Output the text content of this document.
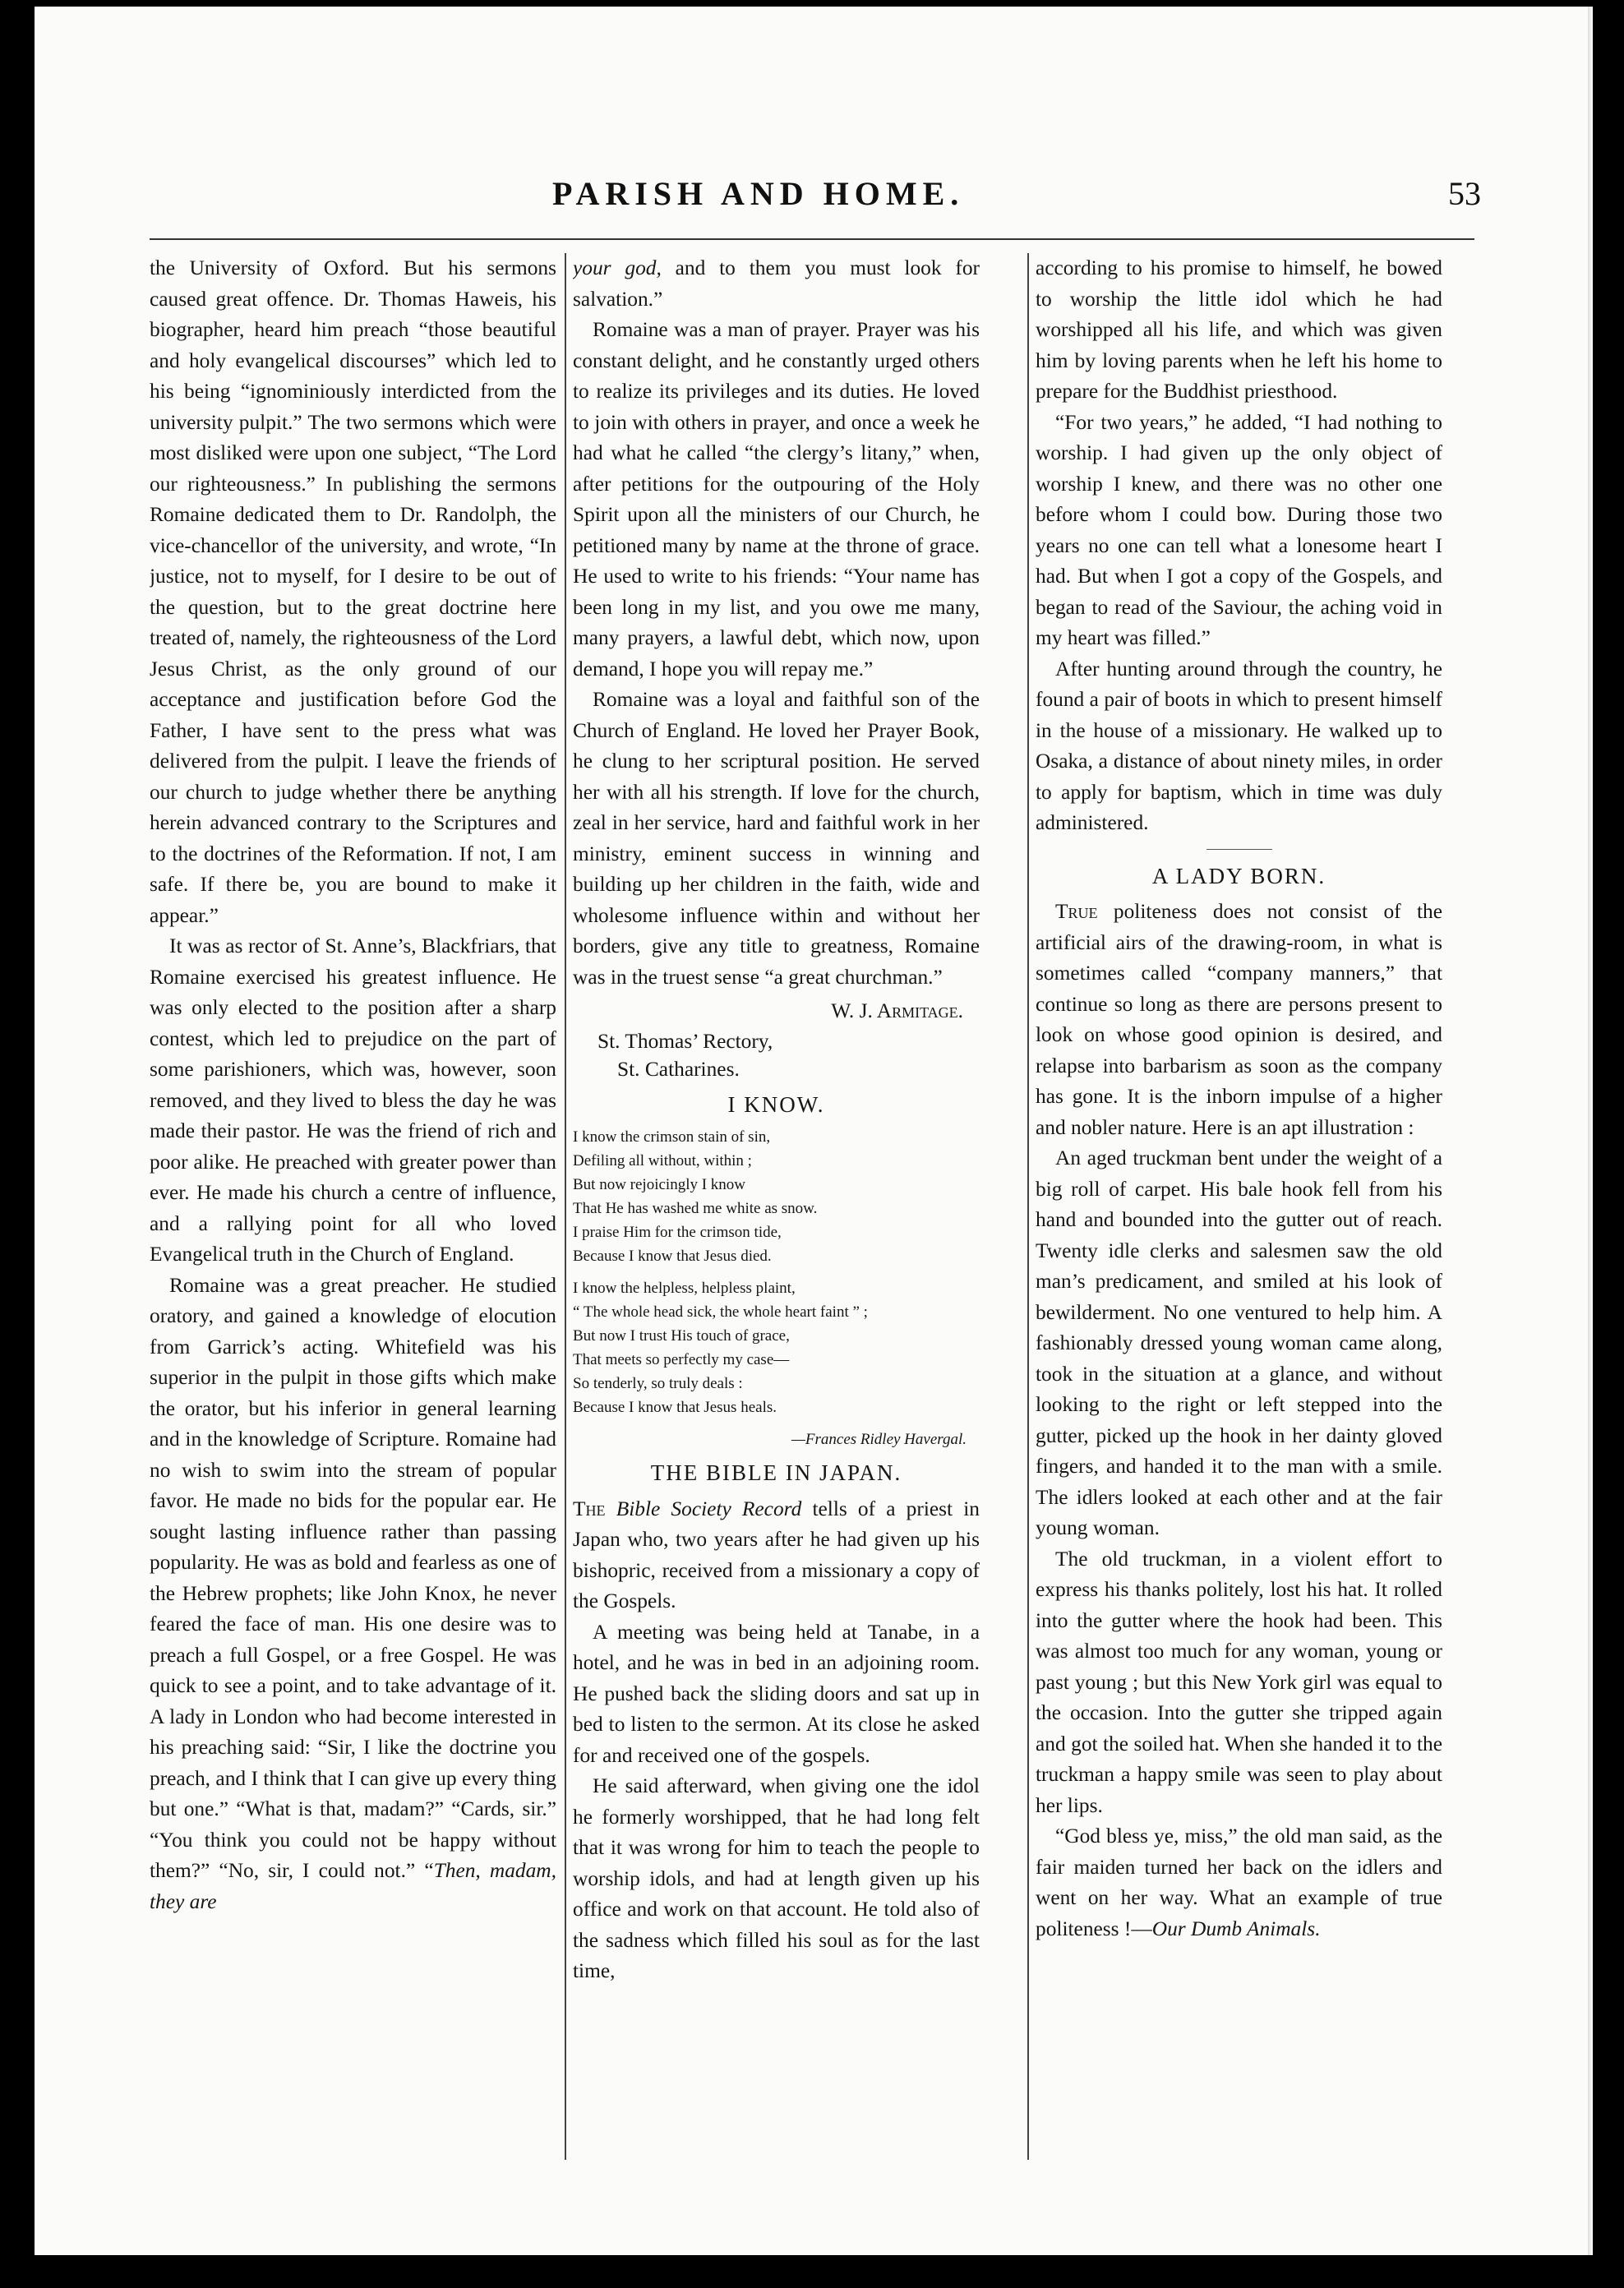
PARISH AND HOME.	53

the University of Oxford. But his sermons caused great offence. Dr. Thomas Haweis, his biographer, heard him preach “those beautiful and holy evangelical discourses” which led to his being “ignominiously interdicted from the university pulpit.” The two sermons which were most disliked were upon one subject, “The Lord our righteousness.” In publishing the sermons Romaine dedicated them to Dr. Randolph, the vice-chancellor of the university, and wrote, “In justice, not to myself, for I desire to be out of the question, but to the great doctrine here treated of, namely, the righteousness of the Lord Jesus Christ, as the only ground of our acceptance and justification before God the Father, I have sent to the press what was delivered from the pulpit. I leave the friends of our church to judge whether there be anything herein advanced contrary to the Scriptures and to the doctrines of the Reformation. If not, I am safe. If there be, you are bound to make it appear.”

It was as rector of St. Anne’s, Blackfriars, that Romaine exercised his greatest influence. He was only elected to the position after a sharp contest, which led to prejudice on the part of some parishioners, which was, however, soon removed, and they lived to bless the day he was made their pastor. He was the friend of rich and poor alike. He preached with greater power than ever. He made his church a centre of influence, and a rallying point for all who loved Evangelical truth in the Church of England.

Romaine was a great preacher. He studied oratory, and gained a knowledge of elocution from Garrick’s acting. Whitefield was his superior in the pulpit in those gifts which make the orator, but his inferior in general learning and in the knowledge of Scripture. Romaine had no wish to swim into the stream of popular favor. He made no bids for the popular ear. He sought lasting influence rather than passing popularity. He was as bold and fearless as one of the Hebrew prophets; like John Knox, he never feared the face of man. His one desire was to preach a full Gospel, or a free Gospel. He was quick to see a point, and to take advantage of it. A lady in London who had become interested in his preaching said: “Sir, I like the doctrine you preach, and I think that I can give up every thing but one.” “What is that, madam?” “Cards, sir.” “You think you could not be happy without them?” “No, sir, I could not.” “Then, madam, they are

your god, and to them you must look for salvation.”

Romaine was a man of prayer. Prayer was his constant delight, and he constantly urged others to realize its privileges and its duties. He loved to join with others in prayer, and once a week he had what he called “the clergy’s litany,” when, after petitions for the outpouring of the Holy Spirit upon all the ministers of our Church, he petitioned many by name at the throne of grace. He used to write to his friends: “Your name has been long in my list, and you owe me many, many prayers, a lawful debt, which now, upon demand, I hope you will repay me.”

Romaine was a loyal and faithful son of the Church of England. He loved her Prayer Book, he clung to her scriptural position. He served her with all his strength. If love for the church, zeal in her service, hard and faithful work in her ministry, eminent success in winning and building up her children in the faith, wide and wholesome influence within and without her borders, give any title to greatness, Romaine was in the truest sense “a great churchman.”

W. J. Armitage.

St. Thomas’ Rectory,

St. Catharines.

I KNOW.
I know the crimson stain of sin,
Defiling all without, within ;
But now rejoicingly I know
That He has washed me white as snow.
I praise Him for the crimson tide,
Because I know that Jesus died.
I know the helpless, helpless plaint,
“ The whole head sick, the whole heart faint ” ;
But now I trust His touch of grace,
That meets so perfectly my case—
So tenderly, so truly deals :
Because I know that Jesus heals.
—Frances Ridley Havergal.
THE BIBLE IN JAPAN.

The Bible Society Record tells of a priest in Japan who, two years after he had given up his bishopric, received from a missionary a copy of the Gospels.

A meeting was being held at Tanabe, in a hotel, and he was in bed in an adjoining room. He pushed back the sliding doors and sat up in bed to listen to the sermon. At its close he asked for and received one of the gospels.

He said afterward, when giving one the idol he formerly worshipped, that he had long felt that it was wrong for him to teach the people to worship idols, and had at length given up his office and work on that account. He told also of the sadness which filled his soul as for the last time,

according to his promise to himself, he bowed to worship the little idol which he had worshipped all his life, and which was given him by loving parents when he left his home to prepare for the Buddhist priesthood.

“For two years,” he added, “I had nothing to worship. I had given up the only object of worship I knew, and there was no other one before whom I could bow. During those two years no one can tell what a lonesome heart I had. But when I got a copy of the Gospels, and began to read of the Saviour, the aching void in my heart was filled.”

After hunting around through the country, he found a pair of boots in which to present himself in the house of a missionary. He walked up to Osaka, a distance of about ninety miles, in order to apply for baptism, which in time was duly administered.

A LADY BORN.

True politeness does not consist of the artificial airs of the drawing-room, in what is sometimes called “company manners,” that continue so long as there are persons present to look on whose good opinion is desired, and relapse into barbarism as soon as the company has gone. It is the inborn impulse of a higher and nobler nature. Here is an apt illustration :

An aged truckman bent under the weight of a big roll of carpet. His bale hook fell from his hand and bounded into the gutter out of reach. Twenty idle clerks and salesmen saw the old man’s predicament, and smiled at his look of bewilderment. No one ventured to help him. A fashionably dressed young woman came along, took in the situation at a glance, and without looking to the right or left stepped into the gutter, picked up the hook in her dainty gloved fingers, and handed it to the man with a smile. The idlers looked at each other and at the fair young woman.

The old truckman, in a violent effort to express his thanks politely, lost his hat. It rolled into the gutter where the hook had been. This was almost too much for any woman, young or past young ; but this New York girl was equal to the occasion. Into the gutter she tripped again and got the soiled hat. When she handed it to the truckman a happy smile was seen to play about her lips.

“God bless ye, miss,” the old man said, as the fair maiden turned her back on the idlers and went on her way. What an example of true politeness !—Our Dumb Animals.
